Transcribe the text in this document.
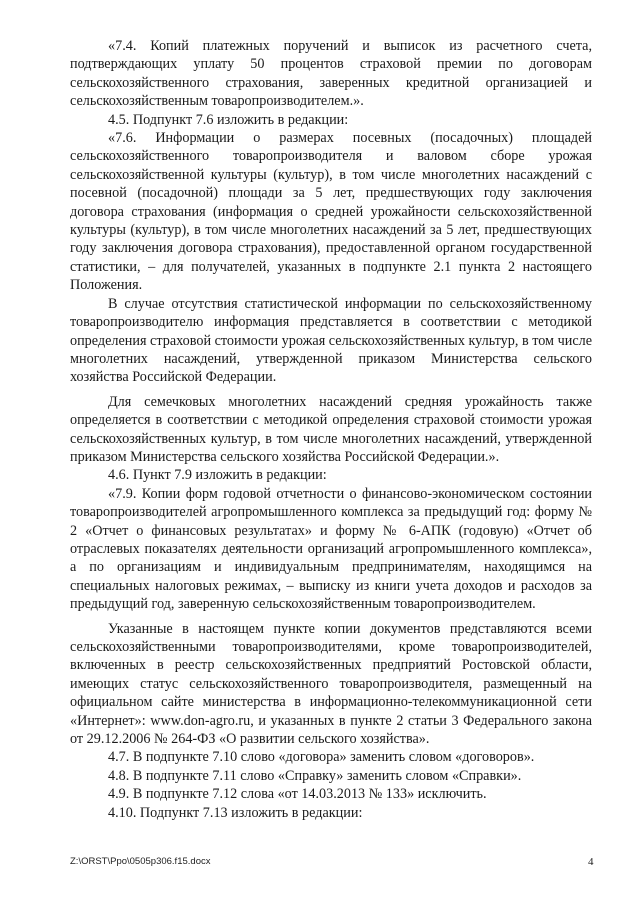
«7.4. Копий платежных поручений и выписок из расчетного счета, подтверждающих уплату 50 процентов страховой премии по договорам сельскохозяйственного страхования, заверенных кредитной организацией и сельскохозяйственным товаропроизводителем.».

4.5. Подпункт 7.6 изложить в редакции:

«7.6. Информации о размерах посевных (посадочных) площадей сельскохозяйственного товаропроизводителя и валовом сборе урожая сельскохозяйственной культуры (культур), в том числе многолетних насаждений с посевной (посадочной) площади за 5 лет, предшествующих году заключения договора страхования (информация о средней урожайности сельскохозяйственной культуры (культур), в том числе многолетних насаждений за 5 лет, предшествующих году заключения договора страхования), предоставленной органом государственной статистики, – для получателей, указанных в подпункте 2.1 пункта 2 настоящего Положения.

В случае отсутствия статистической информации по сельскохозяйственному товаропроизводителю информация представляется в соответствии с методикой определения страховой стоимости урожая сельскохозяйственных культур, в том числе многолетних насаждений, утвержденной приказом Министерства сельского хозяйства Российской Федерации.

Для семечковых многолетних насаждений средняя урожайность также определяется в соответствии с методикой определения страховой стоимости урожая сельскохозяйственных культур, в том числе многолетних насаждений, утвержденной приказом Министерства сельского хозяйства Российской Федерации.».

4.6. Пункт 7.9 изложить в редакции:

«7.9. Копии форм годовой отчетности о финансово-экономическом состоянии товаропроизводителей агропромышленного комплекса за предыдущий год: форму № 2 «Отчет о финансовых результатах» и форму № 6-АПК (годовую) «Отчет об отраслевых показателях деятельности организаций агропромышленного комплекса», а по организациям и индивидуальным предпринимателям, находящимся на специальных налоговых режимах, – выписку из книги учета доходов и расходов за предыдущий год, заверенную сельскохозяйственным товаропроизводителем.

Указанные в настоящем пункте копии документов представляются всеми сельскохозяйственными товаропроизводителями, кроме товаропроизводителей, включенных в реестр сельскохозяйственных предприятий Ростовской области, имеющих статус сельскохозяйственного товаропроизводителя, размещенный на официальном сайте министерства в информационно-телекоммуникационной сети «Интернет»: www.don-agro.ru, и указанных в пункте 2 статьи 3 Федерального закона от 29.12.2006 № 264-ФЗ «О развитии сельского хозяйства».

4.7. В подпункте 7.10 слово «договора» заменить словом «договоров».

4.8. В подпункте 7.11 слово «Справку» заменить словом «Справки».

4.9. В подпункте 7.12 слова «от 14.03.2013 № 133» исключить.

4.10. Подпункт 7.13 изложить в редакции:

Z:\ORST\Ppo\0505p306.f15.docx	4
